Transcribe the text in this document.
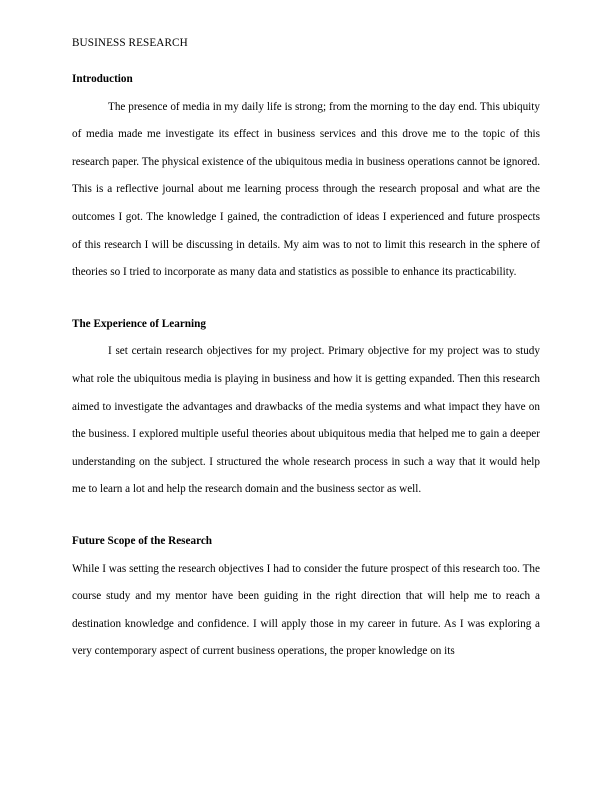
BUSINESS RESEARCH
Introduction

The presence of media in my daily life is strong; from the morning to the day end. This ubiquity of media made me investigate its effect in business services and this drove me to the topic of this research paper. The physical existence of the ubiquitous media in business operations cannot be ignored. This is a reflective journal about me learning process through the research proposal and what are the outcomes I got. The knowledge I gained, the contradiction of ideas I experienced and future prospects of this research I will be discussing in details. My aim was to not to limit this research in the sphere of theories so I tried to incorporate as many data and statistics as possible to enhance its practicability.

The Experience of Learning

I set certain research objectives for my project. Primary objective for my project was to study what role the ubiquitous media is playing in business and how it is getting expanded. Then this research aimed to investigate the advantages and drawbacks of the media systems and what impact they have on the business. I explored multiple useful theories about ubiquitous media that helped me to gain a deeper understanding on the subject. I structured the whole research process in such a way that it would help me to learn a lot and help the research domain and the business sector as well.

Future Scope of the Research

While I was setting the research objectives I had to consider the future prospect of this research too. The course study and my mentor have been guiding in the right direction that will help me to reach a destination knowledge and confidence. I will apply those in my career in future. As I was exploring a very contemporary aspect of current business operations, the proper knowledge on its
